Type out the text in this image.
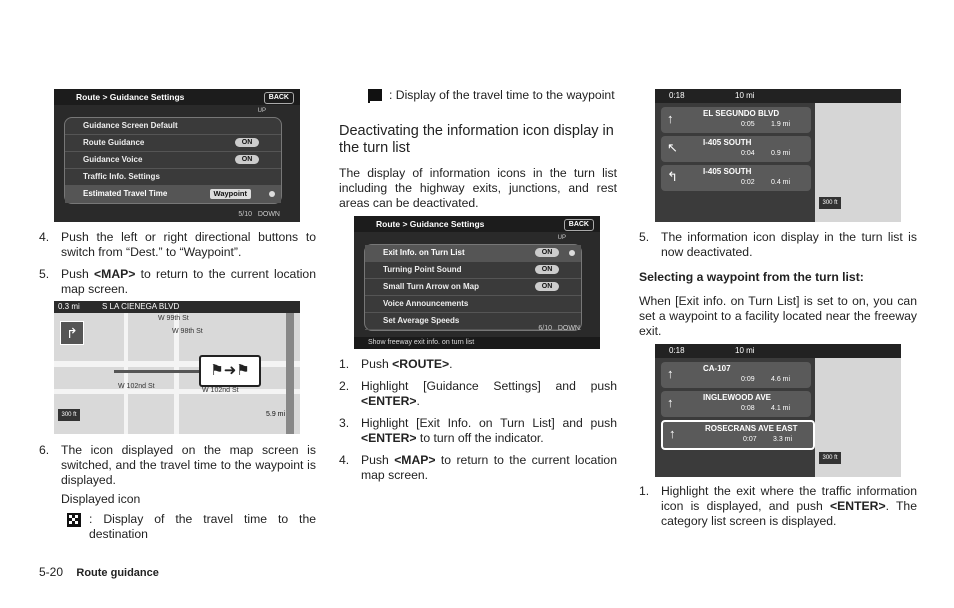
Route > Guidance Settings	BACK
UP
Guidance Screen Default
Route Guidance	ON
Guidance Voice	ON
Traffic Info. Settings
Estimated Travel Time	Waypoint
5/10 DOWN
4. Push the left or right directional buttons to switch from “Dest.” to “Waypoint”.
5. Push <MAP> to return to the current location map screen.
0.3 mi	S LA CIENEGA BLVD
W 99th St
W 98th St
W 102nd St
W 102nd St
↱
⚑➜⚑
300 ft	5.9 mi
6. The icon displayed on the map screen is switched, and the travel time to the waypoint is displayed.
Displayed icon
: Display of the travel time to the destination
: Display of the travel time to the waypoint
Deactivating the information icon display in the turn list
The display of information icons in the turn list including the highway exits, junctions, and rest areas can be deactivated.
Route > Guidance Settings	BACK
UP
Exit Info. on Turn List	ON
Turning Point Sound	ON
Small Turn Arrow on Map	ON
Voice Announcements
Set Average Speeds
6/10 DOWN
Show freeway exit info. on turn list
1. Push <ROUTE>.
2. Highlight [Guidance Settings] and push <ENTER>.
3. Highlight [Exit Info. on Turn List] and push <ENTER> to turn off the indicator.
4. Push <MAP> to return to the current location map screen.
0:18	10 mi
↑	EL SEGUNDO BLVD
0:05 1.9 mi
↖	I-405 SOUTH
0:04 0.9 mi
↰	I-405 SOUTH
0:02 0.4 mi
300 ft
5. The information icon display in the turn list is now deactivated.
Selecting a waypoint from the turn list:
When [Exit info. on Turn List] is set to on, you can set a waypoint to a facility located near the freeway exit.
0:18	10 mi
↑	CA-107
0:09 4.6 mi
↑	INGLEWOOD AVE
0:08 4.1 mi
↑	ROSECRANS AVE EAST
0:07 3.3 mi
300 ft
1. Highlight the exit where the traffic information icon is displayed, and push <ENTER>. The category list screen is displayed.
5-20 Route guidance
